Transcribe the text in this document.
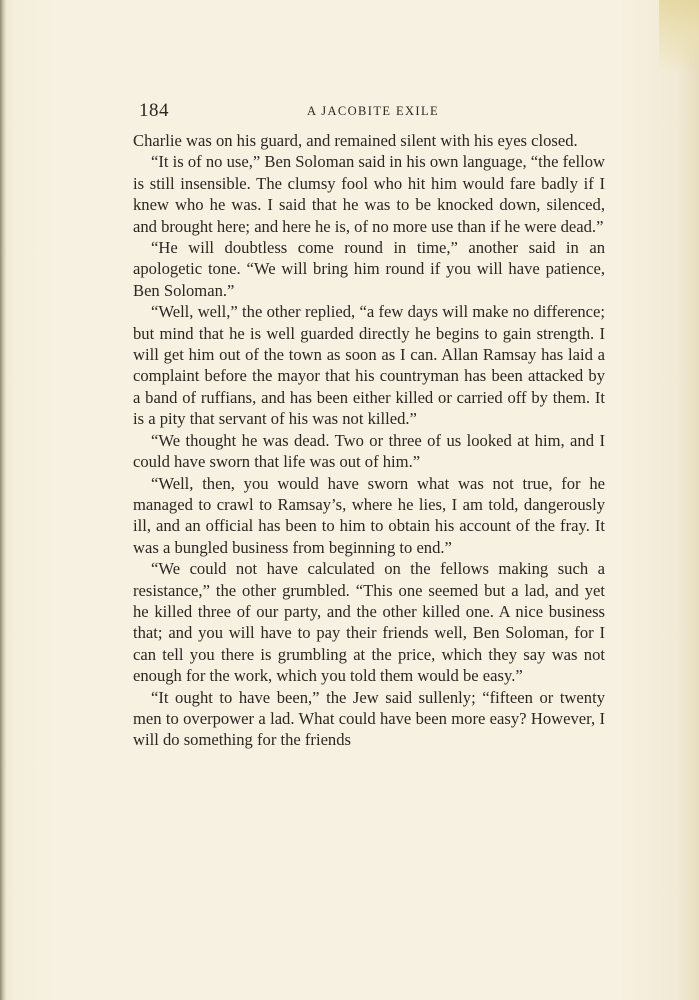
184	A JACOBITE EXILE

Charlie was on his guard, and remained silent with his eyes closed.

“It is of no use,” Ben Soloman said in his own language, “the fellow is still insensible. The clumsy fool who hit him would fare badly if I knew who he was. I said that he was to be knocked down, silenced, and brought here; and here he is, of no more use than if he were dead.”

“He will doubtless come round in time,” another said in an apologetic tone. “We will bring him round if you will have patience, Ben Soloman.”

“Well, well,” the other replied, “a few days will make no difference; but mind that he is well guarded directly he begins to gain strength. I will get him out of the town as soon as I can. Allan Ramsay has laid a complaint before the mayor that his countryman has been attacked by a band of ruffians, and has been either killed or carried off by them. It is a pity that servant of his was not killed.”

“We thought he was dead. Two or three of us looked at him, and I could have sworn that life was out of him.”

“Well, then, you would have sworn what was not true, for he managed to crawl to Ramsay’s, where he lies, I am told, dangerously ill, and an official has been to him to obtain his account of the fray. It was a bungled business from beginning to end.”

“We could not have calculated on the fellows making such a resistance,” the other grumbled. “This one seemed but a lad, and yet he killed three of our party, and the other killed one. A nice business that; and you will have to pay their friends well, Ben Soloman, for I can tell you there is grumbling at the price, which they say was not enough for the work, which you told them would be easy.”

“It ought to have been,” the Jew said sullenly; “fifteen or twenty men to overpower a lad. What could have been more easy? However, I will do something for the friends
